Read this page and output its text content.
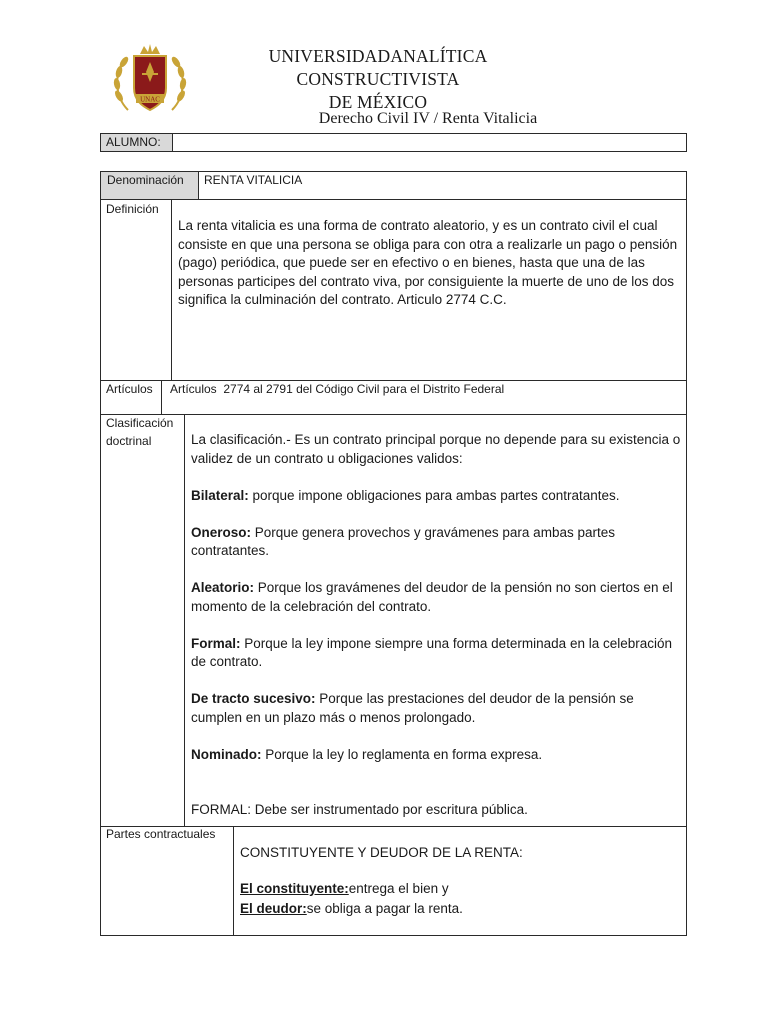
UNAC
UNIVERSIDADANALÍTICA CONSTRUCTIVISTA
DE MÉXICO
Derecho Civil IV / Renta Vitalicia
ALUMNO:
Denominación RENTA VITALICIA
Definición
La renta vitalicia es una forma de contrato aleatorio, y es un contrato civil el cual consiste en que una persona se obliga para con otra a realizarle un pago o pensión (pago) periódica, que puede ser en efectivo o en bienes, hasta que una de las personas participes del contrato viva, por consiguiente la muerte de uno de los dos significa la culminación del contrato. Articulo 2774 C.C.
Artículos Artículos  2774 al 2791 del Código Civil para el Distrito Federal
Clasificación
doctrinal	La clasificación.- Es un contrato principal porque no depende para su existencia o validez de un contrato u obligaciones validos:

Bilateral: porque impone obligaciones para ambas partes contratantes.

Oneroso: Porque genera provechos y gravámenes para ambas partes contratantes.

Aleatorio: Porque los gravámenes del deudor de la pensión no son ciertos en el momento de la celebración del contrato.

Formal: Porque la ley impone siempre una forma determinada en la celebración de contrato.

De tracto sucesivo: Porque las prestaciones del deudor de la pensión se cumplen en un plazo más o menos prolongado.

Nominado: Porque la ley lo reglamenta en forma expresa.

FORMAL: Debe ser instrumentado por escritura pública.

Partes contractuales

CONSTITUYENTE Y DEUDOR DE LA RENTA:

El constituyente:entrega el bien y

El deudor:se obliga a pagar la renta.
